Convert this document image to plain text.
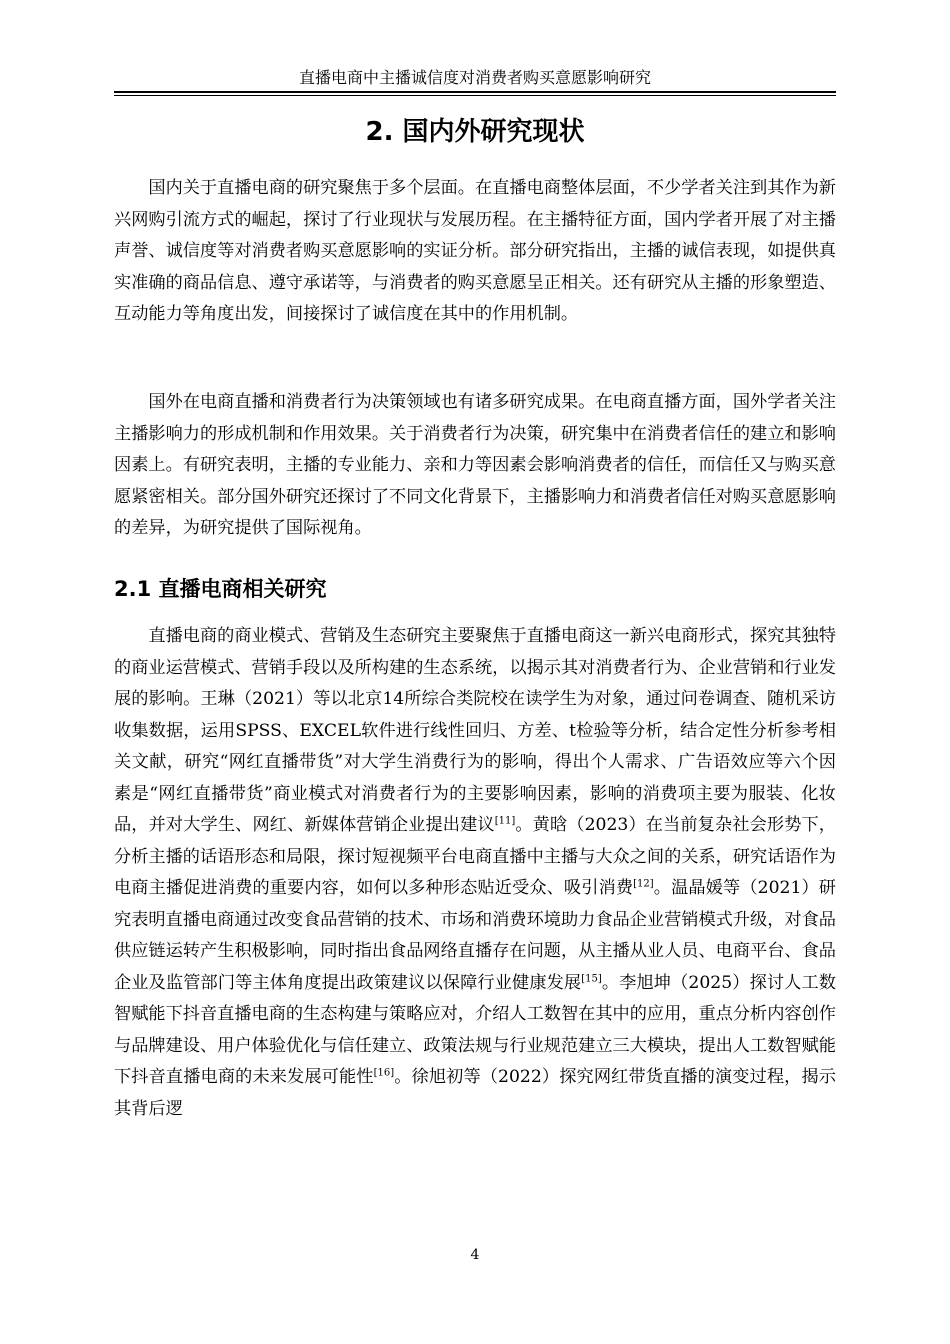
直播电商中主播诚信度对消费者购买意愿影响研究
2. 国内外研究现状

国内关于直播电商的研究聚焦于多个层面。在直播电商整体层面，不少学者关注到其作为新兴网购引流方式的崛起，探讨了行业现状与发展历程。在主播特征方面，国内学者开展了对主播声誉、诚信度等对消费者购买意愿影响的实证分析。部分研究指出，主播的诚信表现，如提供真实准确的商品信息、遵守承诺等，与消费者的购买意愿呈正相关。还有研究从主播的形象塑造、互动能力等角度出发，间接探讨了诚信度在其中的作用机制。

国外在电商直播和消费者行为决策领域也有诸多研究成果。在电商直播方面，国外学者关注主播影响力的形成机制和作用效果。关于消费者行为决策，研究集中在消费者信任的建立和影响因素上。有研究表明，主播的专业能力、亲和力等因素会影响消费者的信任，而信任又与购买意愿紧密相关。部分国外研究还探讨了不同文化背景下，主播影响力和消费者信任对购买意愿影响的差异，为研究提供了国际视角。

2.1 直播电商相关研究

直播电商的商业模式、营销及生态研究主要聚焦于直播电商这一新兴电商形式，探究其独特的商业运营模式、营销手段以及所构建的生态系统，以揭示其对消费者行为、企业营销和行业发展的影响。王琳（2021）等以北京14所综合类院校在读学生为对象，通过问卷调查、随机采访收集数据，运用SPSS、EXCEL软件进行线性回归、方差、t检验等分析，结合定性分析参考相关文献，研究“网红直播带货”对大学生消费行为的影响，得出个人需求、广告语效应等六个因素是“网红直播带货”商业模式对消费者行为的主要影响因素，影响的消费项主要为服装、化妆品，并对大学生、网红、新媒体营销企业提出建议[11]。黄晗（2023）在当前复杂社会形势下，分析主播的话语形态和局限，探讨短视频平台电商直播中主播与大众之间的关系，研究话语作为电商主播促进消费的重要内容，如何以多种形态贴近受众、吸引消费[12]。温晶媛等（2021）研究表明直播电商通过改变食品营销的技术、市场和消费环境助力食品企业营销模式升级，对食品供应链运转产生积极影响，同时指出食品网络直播存在问题，从主播从业人员、电商平台、食品企业及监管部门等主体角度提出政策建议以保障行业健康发展[15]。李旭坤（2025）探讨人工数智赋能下抖音直播电商的生态构建与策略应对，介绍人工数智在其中的应用，重点分析内容创作与品牌建设、用户体验优化与信任建立、政策法规与行业规范建立三大模块，提出人工数智赋能下抖音直播电商的未来发展可能性[16]。徐旭初等（2022）探究网红带货直播的演变过程，揭示其背后逻

4
